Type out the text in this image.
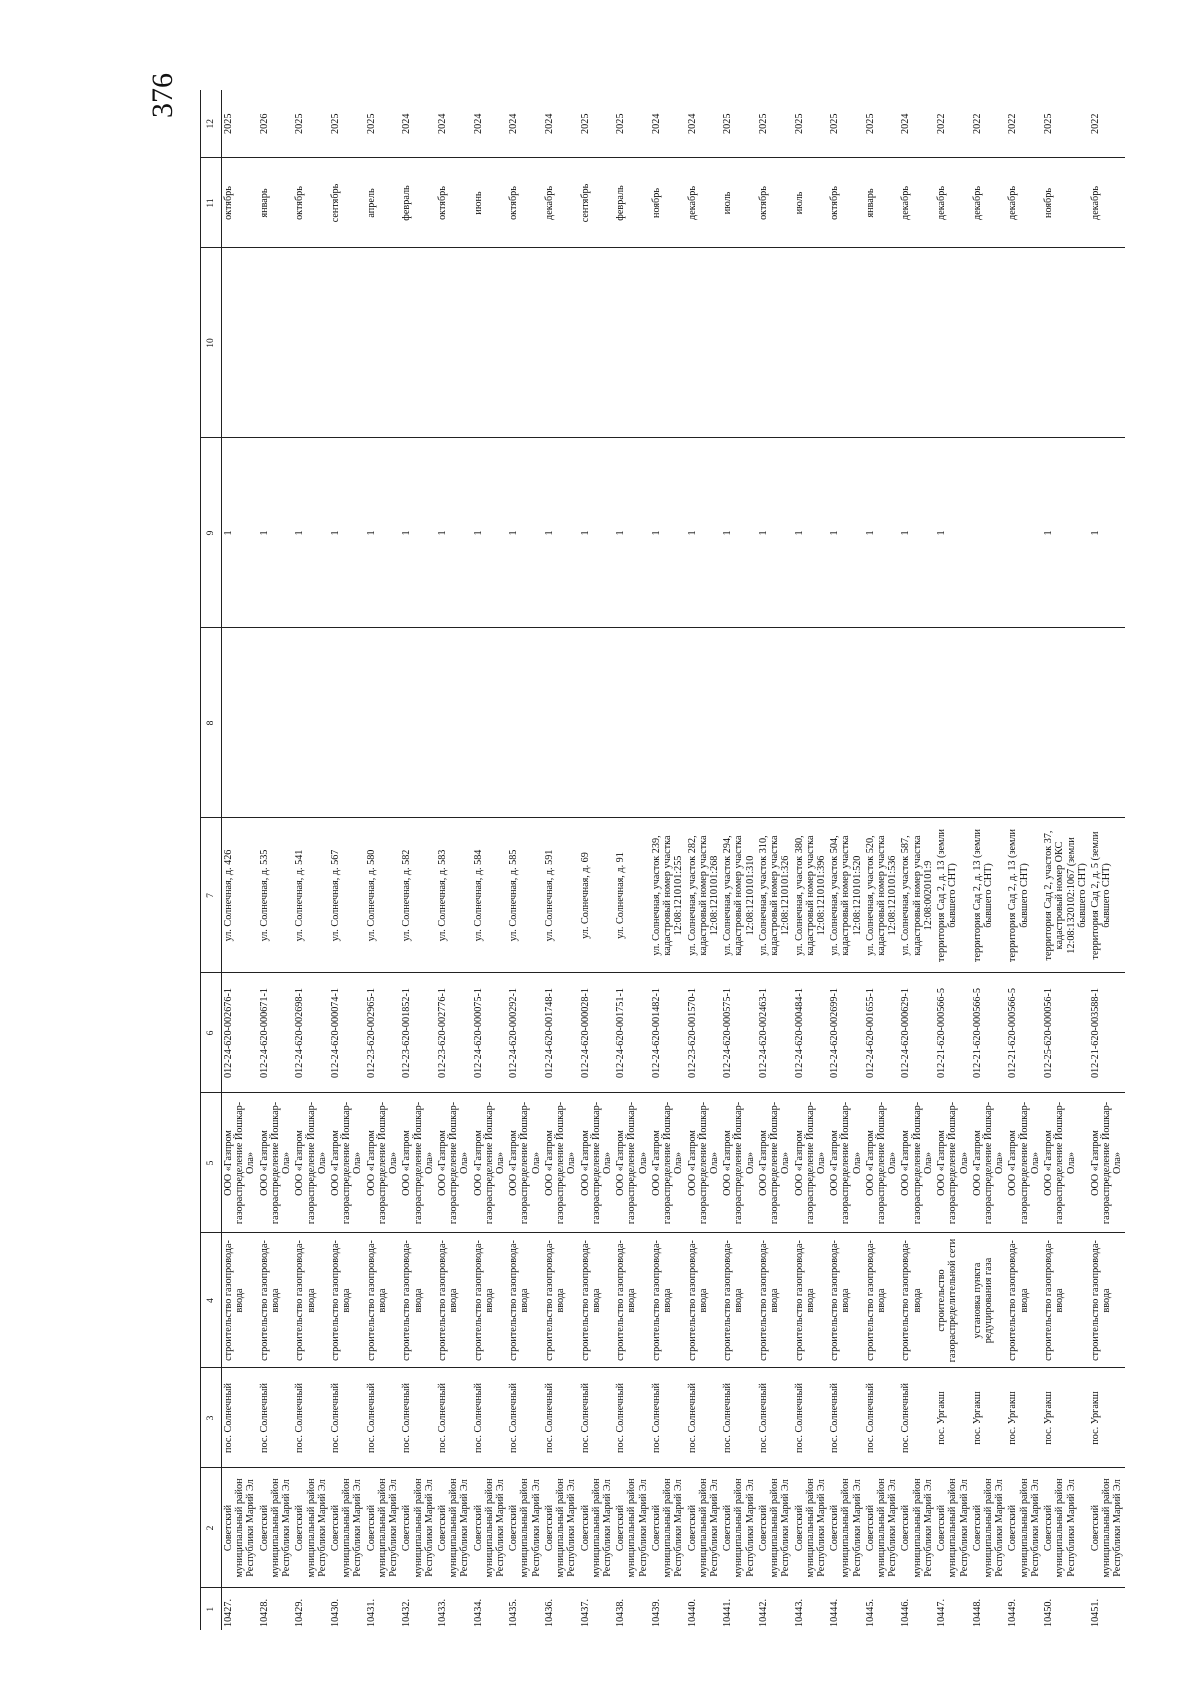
376
1	2	3	4	5	6	7	8	9	10	11	12
10427.	Советский муниципальный район Республики Марий Эл	пос. Солнечный	строительство газопровода-ввода	ООО «Газпром газораспределение Йошкар-Ола»	012-24-620-002676-1	ул. Солнечная, д. 426		1		октябрь	2025
10428.	Советский муниципальный район Республики Марий Эл	пос. Солнечный	строительство газопровода-ввода	ООО «Газпром газораспределение Йошкар-Ола»	012-24-620-000671-1	ул. Солнечная, д. 535		1		январь	2026
10429.	Советский муниципальный район Республики Марий Эл	пос. Солнечный	строительство газопровода-ввода	ООО «Газпром газораспределение Йошкар-Ола»	012-24-620-002698-1	ул. Солнечная, д. 541		1		октябрь	2025
10430.	Советский муниципальный район Республики Марий Эл	пос. Солнечный	строительство газопровода-ввода	ООО «Газпром газораспределение Йошкар-Ола»	012-24-620-000074-1	ул. Солнечная, д. 567		1		сентябрь	2025
10431.	Советский муниципальный район Республики Марий Эл	пос. Солнечный	строительство газопровода-ввода	ООО «Газпром газораспределение Йошкар-Ола»	012-23-620-002965-1	ул. Солнечная, д. 580		1		апрель	2025
10432.	Советский муниципальный район Республики Марий Эл	пос. Солнечный	строительство газопровода-ввода	ООО «Газпром газораспределение Йошкар-Ола»	012-23-620-001852-1	ул. Солнечная, д. 582		1		февраль	2024
10433.	Советский муниципальный район Республики Марий Эл	пос. Солнечный	строительство газопровода-ввода	ООО «Газпром газораспределение Йошкар-Ола»	012-23-620-002776-1	ул. Солнечная, д. 583		1		октябрь	2024
10434.	Советский муниципальный район Республики Марий Эл	пос. Солнечный	строительство газопровода-ввода	ООО «Газпром газораспределение Йошкар-Ола»	012-24-620-000075-1	ул. Солнечная, д. 584		1		июнь	2024
10435.	Советский муниципальный район Республики Марий Эл	пос. Солнечный	строительство газопровода-ввода	ООО «Газпром газораспределение Йошкар-Ола»	012-24-620-000292-1	ул. Солнечная, д. 585		1		октябрь	2024
10436.	Советский муниципальный район Республики Марий Эл	пос. Солнечный	строительство газопровода-ввода	ООО «Газпром газораспределение Йошкар-Ола»	012-24-620-001748-1	ул. Солнечная, д. 591		1		декабрь	2024
10437.	Советский муниципальный район Республики Марий Эл	пос. Солнечный	строительство газопровода-ввода	ООО «Газпром газораспределение Йошкар-Ола»	012-24-620-000028-1	ул. Солнечная, д. 69		1		сентябрь	2025
10438.	Советский муниципальный район Республики Марий Эл	пос. Солнечный	строительство газопровода-ввода	ООО «Газпром газораспределение Йошкар-Ола»	012-24-620-001751-1	ул. Солнечная, д. 91		1		февраль	2025
10439.	Советский муниципальный район Республики Марий Эл	пос. Солнечный	строительство газопровода-ввода	ООО «Газпром газораспределение Йошкар-Ола»	012-24-620-001482-1	ул. Солнечная, участок 239, кадастровый номер участка 12:08:1210101:255		1		ноябрь	2024
10440.	Советский муниципальный район Республики Марий Эл	пос. Солнечный	строительство газопровода-ввода	ООО «Газпром газораспределение Йошкар-Ола»	012-23-620-001570-1	ул. Солнечная, участок 282, кадастровый номер участка 12:08:1210101:268		1		декабрь	2024
10441.	Советский муниципальный район Республики Марий Эл	пос. Солнечный	строительство газопровода-ввода	ООО «Газпром газораспределение Йошкар-Ола»	012-24-620-000575-1	ул. Солнечная, участок 294, кадастровый номер участка 12:08:1210101:310		1		июль	2025
10442.	Советский муниципальный район Республики Марий Эл	пос. Солнечный	строительство газопровода-ввода	ООО «Газпром газораспределение Йошкар-Ола»	012-24-620-002463-1	ул. Солнечная, участок 310, кадастровый номер участка 12:08:1210101:326		1		октябрь	2025
10443.	Советский муниципальный район Республики Марий Эл	пос. Солнечный	строительство газопровода-ввода	ООО «Газпром газораспределение Йошкар-Ола»	012-24-620-000484-1	ул. Солнечная, участок 380, кадастровый номер участка 12:08:1210101:396		1		июль	2025
10444.	Советский муниципальный район Республики Марий Эл	пос. Солнечный	строительство газопровода-ввода	ООО «Газпром газораспределение Йошкар-Ола»	012-24-620-002699-1	ул. Солнечная, участок 504, кадастровый номер участка 12:08:1210101:520		1		октябрь	2025
10445.	Советский муниципальный район Республики Марий Эл	пос. Солнечный	строительство газопровода-ввода	ООО «Газпром газораспределение Йошкар-Ола»	012-24-620-001655-1	ул. Солнечная, участок 520, кадастровый номер участка 12:08:1210101:536		1		январь	2025
10446.	Советский муниципальный район Республики Марий Эл	пос. Солнечный	строительство газопровода-ввода	ООО «Газпром газораспределение Йошкар-Ола»	012-24-620-000629-1	ул. Солнечная, участок 587, кадастровый номер участка 12:08:0020101:9		1		декабрь	2024
10447.	Советский муниципальный район Республики Марий Эл	пос. Ургакш	строительство газораспределительной сети	ООО «Газпром газораспределение Йошкар-Ола»	012-21-620-000566-5	территория Сад 2, д. 13 (земли бывшего СНТ)		1		декабрь	2022
10448.	Советский муниципальный район Республики Марий Эл	пос. Ургакш	установка пункта редуцирования газа	ООО «Газпром газораспределение Йошкар-Ола»	012-21-620-000566-5	территория Сад 2, д. 13 (земли бывшего СНТ)				декабрь	2022
10449.	Советский муниципальный район Республики Марий Эл	пос. Ургакш	строительство газопровода-ввода	ООО «Газпром газораспределение Йошкар-Ола»	012-21-620-000566-5	территория Сад 2, д. 13 (земли бывшего СНТ)				декабрь	2022
10450.	Советский муниципальный район Республики Марий Эл	пос. Ургакш	строительство газопровода-ввода	ООО «Газпром газораспределение Йошкар-Ола»	012-25-620-000056-1	территория Сад 2, участок 37, кадастровый номер ОКС 12:08:1320102:1067 (земли бывшего СНТ)		1		ноябрь	2025
10451.	Советский муниципальный район Республики Марий Эл	пос. Ургакш	строительство газопровода-ввода	ООО «Газпром газораспределение Йошкар-Ола»	012-21-620-003588-1	территория Сад 2, д. 5 (земли бывшего СНТ)		1		декабрь	2022
